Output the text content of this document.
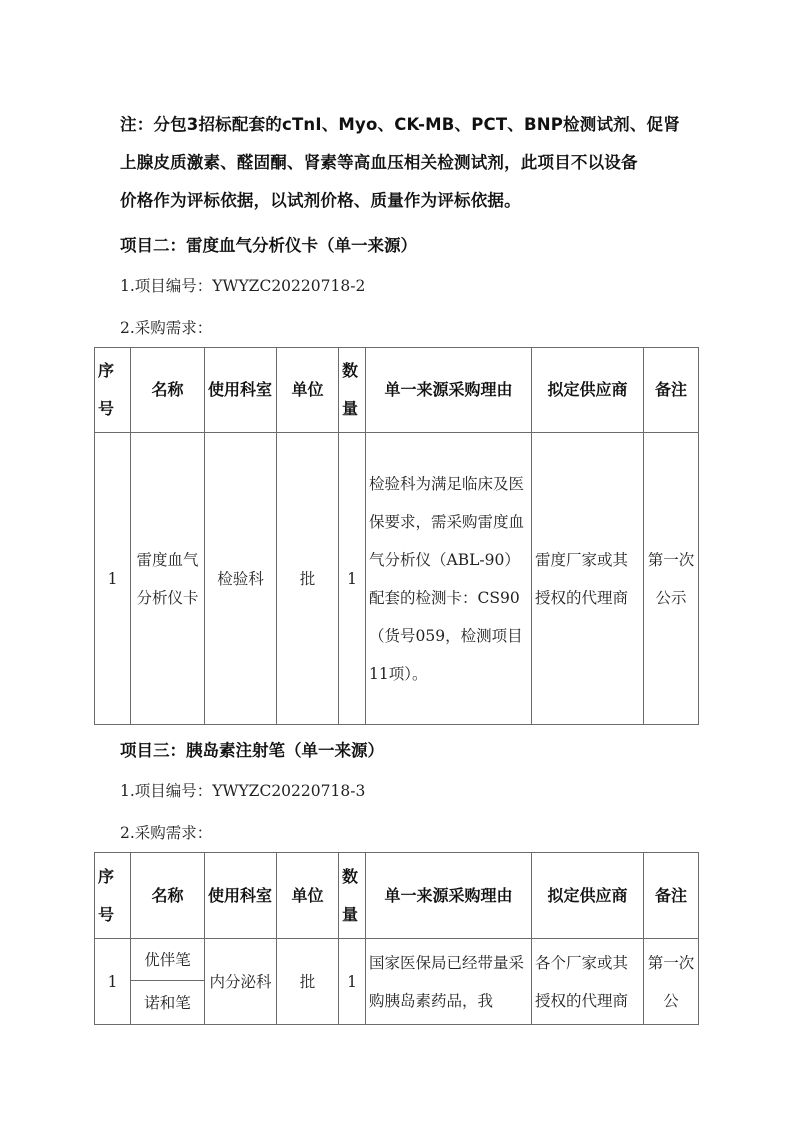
注：分包3招标配套的cTnI、Myo、CK-MB、PCT、BNP检测试剂、促肾
上腺皮质激素、醛固酮、肾素等高血压相关检测试剂，此项目不以设备
价格作为评标依据，以试剂价格、质量作为评标依据。
项目二：雷度血气分析仪卡（单一来源）
1.项目编号：YWYZC20220718-2
2.采购需求：
序号	名称	使用科室	单位	数量	单一来源采购理由	拟定供应商	备注
1	雷度血气分析仪卡	检验科	批	1	检验科为满足临床及医保要求，需采购雷度血气分析仪（ABL-90）配套的检测卡：CS90（货号059，检测项目11项）。	雷度厂家或其授权的代理商	第一次公示
项目三：胰岛素注射笔（单一来源）
1.项目编号：YWYZC20220718-3
2.采购需求：
序号	名称	使用科室	单位	数量	单一来源采购理由	拟定供应商	备注
1	优伴笔	内分泌科	批	1	国家医保局已经带量采购胰岛素药品，我	各个厂家或其授权的代理商	第一次公
	诺和笔						
